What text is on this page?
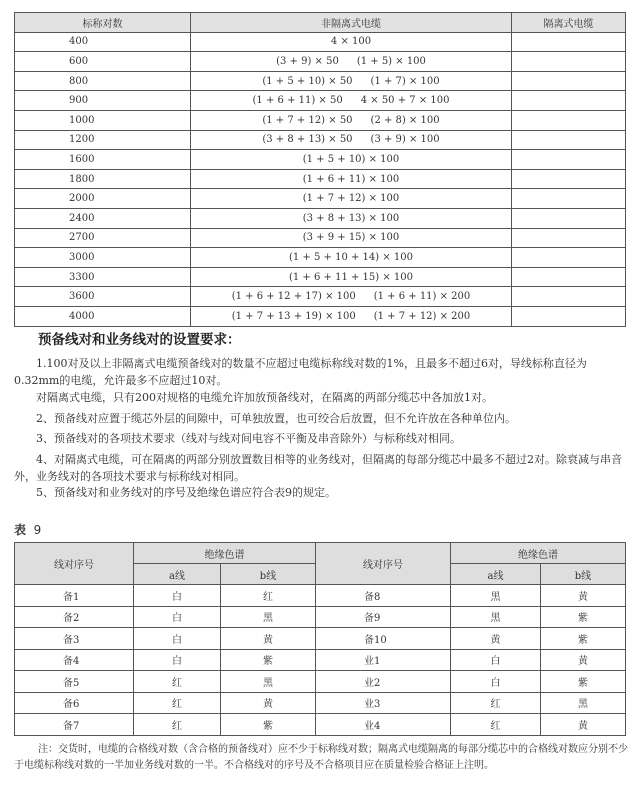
标称对数	非隔离式电缆	隔离式电缆
400	4 × 100	
600	(3 + 9) × 50 (1 + 5) × 100	
800	(1 + 5 + 10) × 50 (1 + 7) × 100	
900	(1 + 6 + 11) × 50 4 × 50 + 7 × 100	
1000	(1 + 7 + 12) × 50 (2 + 8) × 100	
1200	(3 + 8 + 13) × 50 (3 + 9) × 100	
1600	(1 + 5 + 10) × 100	
1800	(1 + 6 + 11) × 100	
2000	(1 + 7 + 12) × 100	
2400	(3 + 8 + 13) × 100	
2700	(3 + 9 + 15) × 100	
3000	(1 + 5 + 10 + 14) × 100	
3300	(1 + 6 + 11 + 15) × 100	
3600	(1 + 6 + 12 + 17) × 100 (1 + 6 + 11) × 200	
4000	(1 + 7 + 13 + 19) × 100 (1 + 7 + 12) × 200	
预备线对和业务线对的设置要求：

1.100对及以上非隔离式电缆预备线对的数量不应超过电缆标称线对数的1%，且最多不超过6对，导线标称直径为0.32mm的电缆，允许最多不应超过10对。

对隔离式电缆，只有200对规格的电缆允许加放预备线对，在隔离的两部分缆芯中各加放1对。

2、预备线对应置于缆芯外层的间隙中，可单独放置，也可绞合后放置，但不允许放在各种单位内。

3、预备线对的各项技术要求（线对与线对间电容不平衡及串音除外）与标称线对相同。

4、对隔离式电缆，可在隔离的两部分别放置数目相等的业务线对，但隔离的每部分缆芯中最多不超过2对。除衰减与串音外，业务线对的各项技术要求与标称线对相同。

5、预备线对和业务线对的序号及绝缘色谱应符合表9的规定。

表 9

线对序号	绝缘色谱		线对序号	绝缘色谱	
	a线	b线		a线	b线
备1	白	红	备8	黑	黄
备2	白	黑	备9	黑	紫
备3	白	黄	备10	黄	紫
备4	白	紫	业1	白	黄
备5	红	黑	业2	白	紫
备6	红	黄	业3	红	黑
备7	红	紫	业4	红	黄

注：交货时，电缆的合格线对数（含合格的预备线对）应不少于标称线对数；隔离式电缆隔离的每部分缆芯中的合格线对数应分别不少于电缆标称线对数的一半加业务线对数的一半。不合格线对的序号及不合格项目应在质量检验合格证上注明。
